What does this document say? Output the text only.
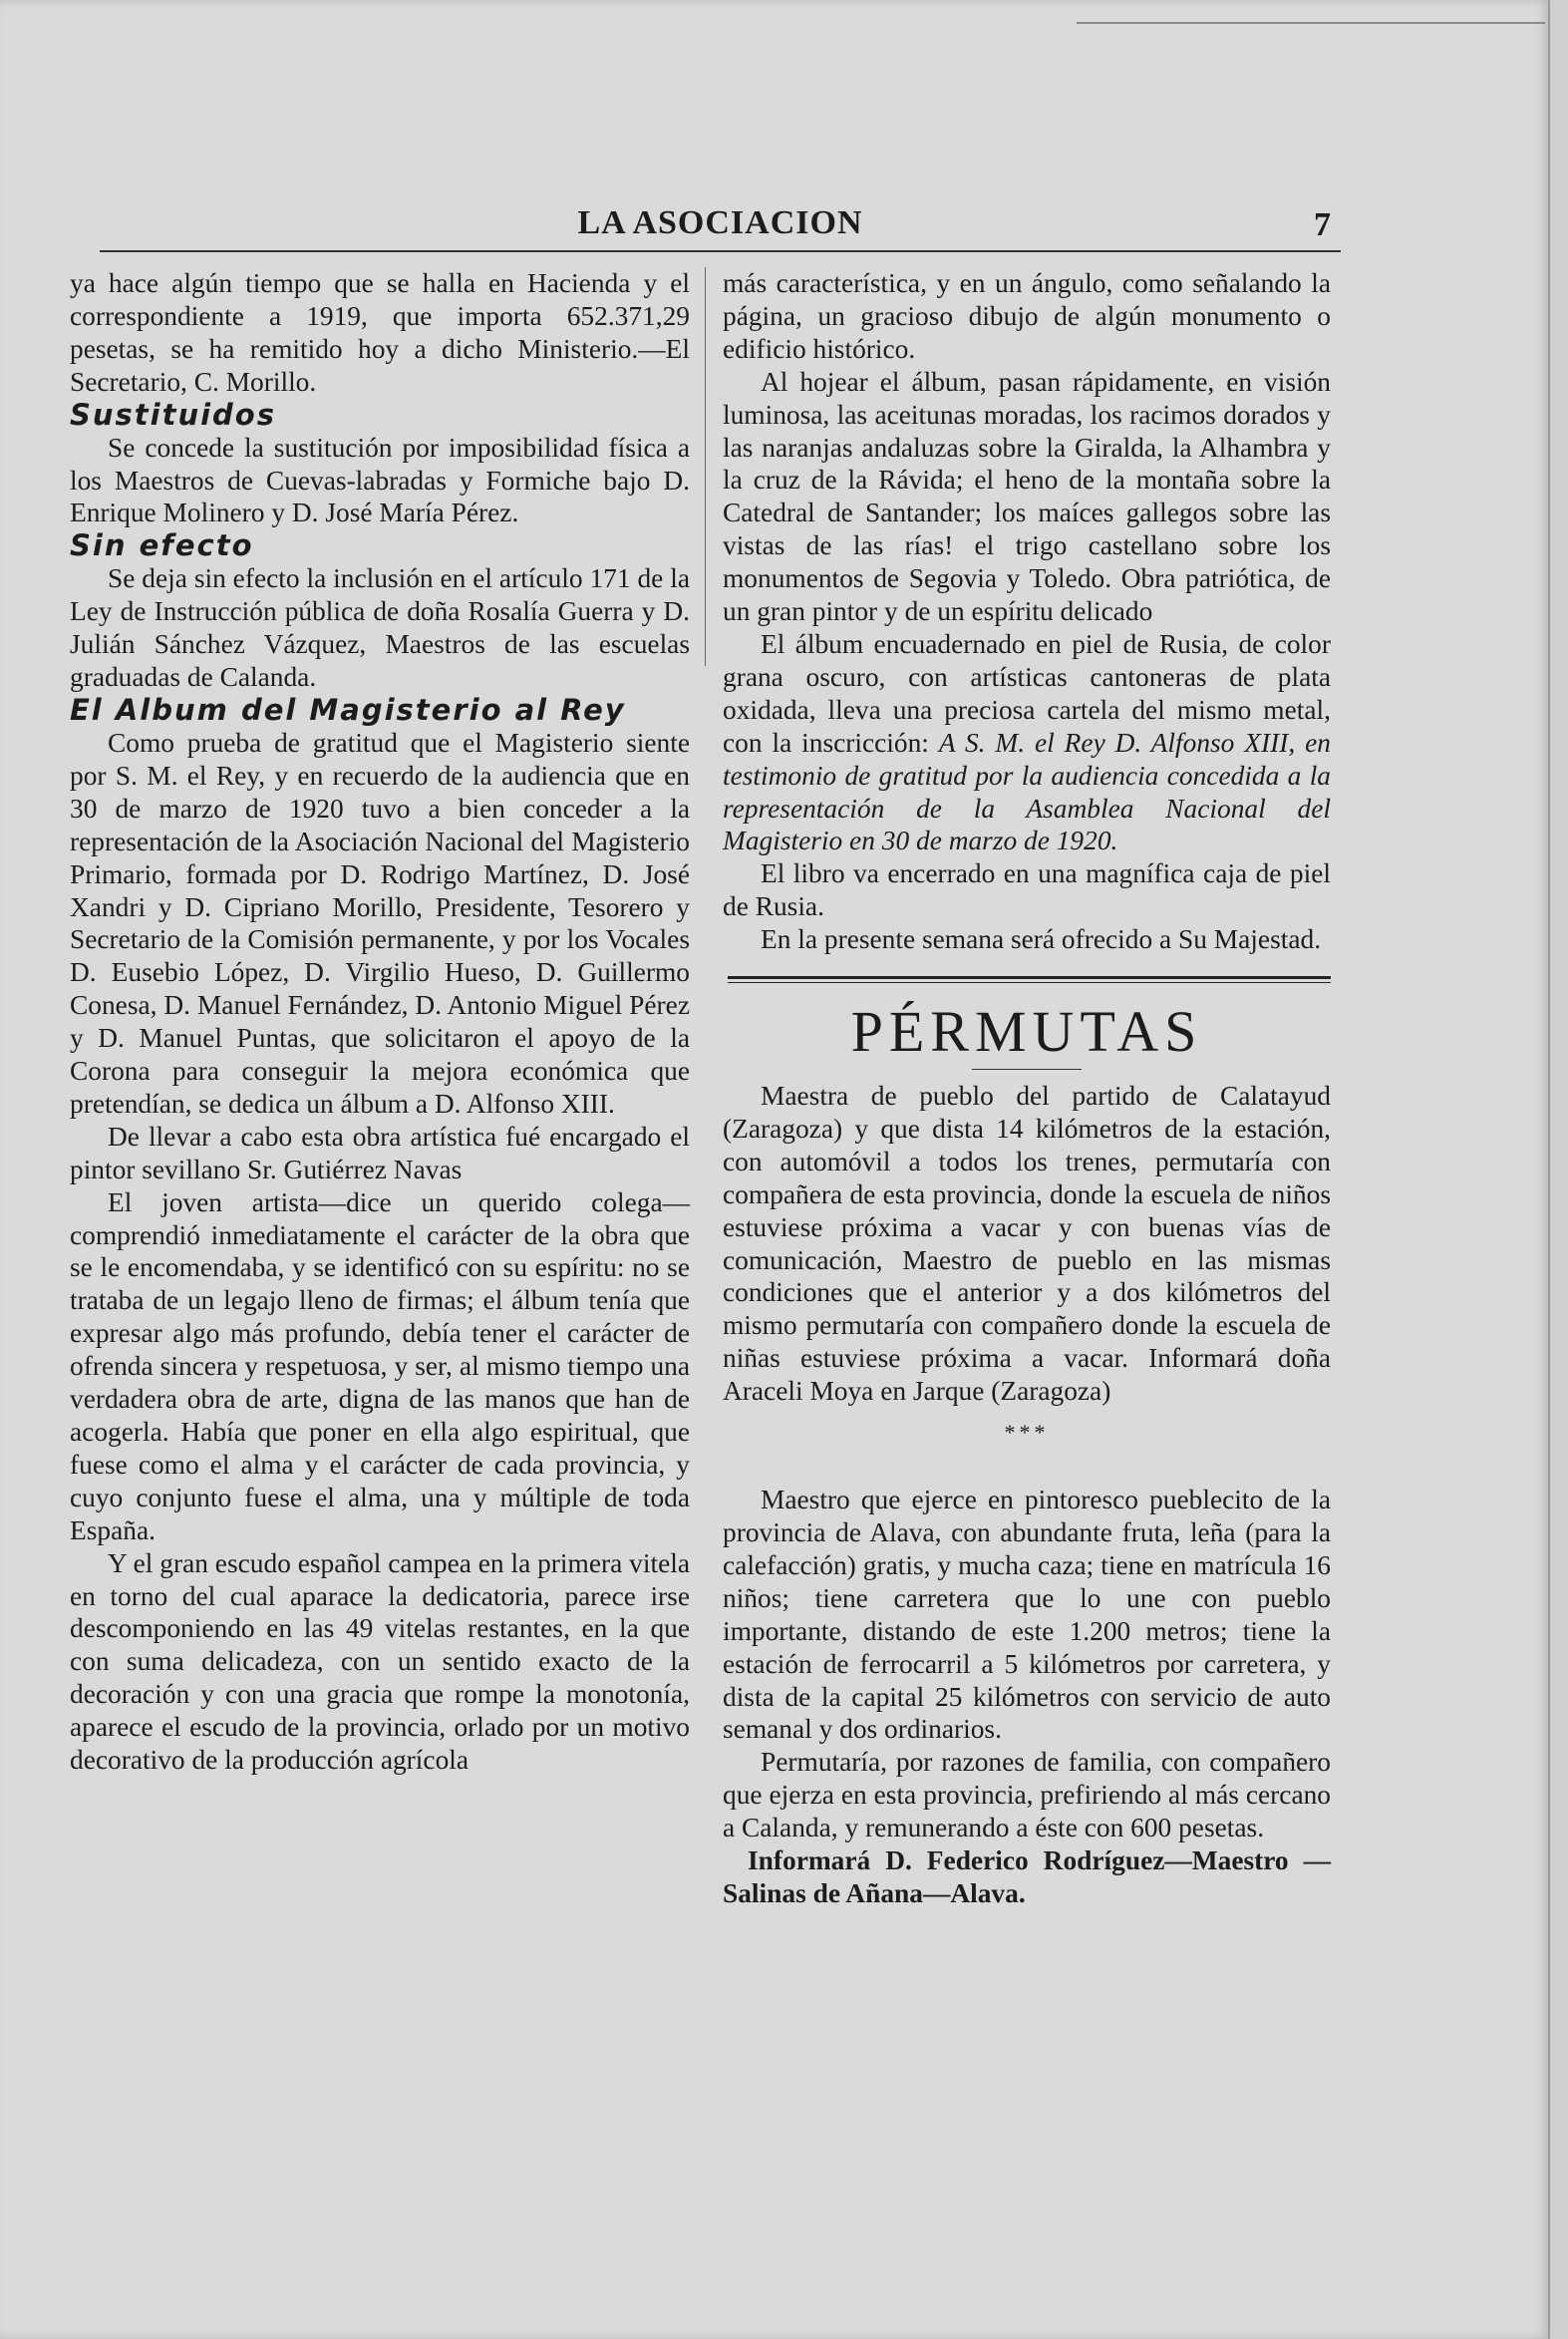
LA ASOCIACION	7

ya hace algún tiempo que se halla en Hacienda y el correspondiente a 1919, que importa 652.371,29 pesetas, se ha remitido hoy a dicho Ministerio.—El Secretario, C. Morillo.

Sustituidos

Se concede la sustitución por imposibilidad física a los Maestros de Cuevas-labradas y Formiche bajo D. Enrique Molinero y D. José María Pérez.

Sin efecto

Se deja sin efecto la inclusión en el artículo 171 de la Ley de Instrucción pública de doña Rosalía Guerra y D. Julián Sánchez Vázquez, Maestros de las escuelas graduadas de Calanda.

El Album del Magisterio al Rey

Como prueba de gratitud que el Magisterio siente por S. M. el Rey, y en recuerdo de la audiencia que en 30 de marzo de 1920 tuvo a bien conceder a la representación de la Asociación Nacional del Magisterio Primario, formada por D. Rodrigo Martínez, D. José Xandri y D. Cipriano Morillo, Presidente, Tesorero y Secretario de la Comisión permanente, y por los Vocales D. Eusebio López, D. Virgilio Hueso, D. Guillermo Conesa, D. Manuel Fernández, D. Antonio Miguel Pérez y D. Manuel Puntas, que solicitaron el apoyo de la Corona para conseguir la mejora económica que pretendían, se dedica un álbum a D. Alfonso XIII.

De llevar a cabo esta obra artística fué encargado el pintor sevillano Sr. Gutiérrez Navas

El joven artista—dice un querido colega—comprendió inmediatamente el carácter de la obra que se le encomendaba, y se identificó con su espíritu: no se trataba de un legajo lleno de firmas; el álbum tenía que expresar algo más profundo, debía tener el carácter de ofrenda sincera y respetuosa, y ser, al mismo tiempo una verdadera obra de arte, digna de las manos que han de acogerla. Había que poner en ella algo espiritual, que fuese como el alma y el carácter de cada provincia, y cuyo conjunto fuese el alma, una y múltiple de toda España.

Y el gran escudo español campea en la primera vitela en torno del cual aparace la dedicatoria, parece irse descomponiendo en las 49 vitelas restantes, en la que con suma delicadeza, con un sentido exacto de la decoración y con una gracia que rompe la monotonía, aparece el escudo de la provincia, orlado por un motivo decorativo de la producción agrícola

más característica, y en un ángulo, como señalando la página, un gracioso dibujo de algún monumento o edificio histórico.

Al hojear el álbum, pasan rápidamente, en visión luminosa, las aceitunas moradas, los racimos dorados y las naranjas andaluzas sobre la Giralda, la Alhambra y la cruz de la Rávida; el heno de la montaña sobre la Catedral de Santander; los maíces gallegos sobre las vistas de las rías! el trigo castellano sobre los monumentos de Segovia y Toledo. Obra patriótica, de un gran pintor y de un espíritu delicado

El álbum encuadernado en piel de Rusia, de color grana oscuro, con artísticas cantoneras de plata oxidada, lleva una preciosa cartela del mismo metal, con la inscricción: A S. M. el Rey D. Alfonso XIII, en testimonio de gratitud por la audiencia concedida a la representación de la Asamblea Nacional del Magisterio en 30 de marzo de 1920.

El libro va encerrado en una magnífica caja de piel de Rusia.

En la presente semana será ofrecido a Su Majestad.

PÉRMUTAS

Maestra de pueblo del partido de Calatayud (Zaragoza) y que dista 14 kilómetros de la estación, con automóvil a todos los trenes, permutaría con compañera de esta provincia, donde la escuela de niños estuviese próxima a vacar y con buenas vías de comunicación, Maestro de pueblo en las mismas condiciones que el anterior y a dos kilómetros del mismo permutaría con compañero donde la escuela de niñas estuviese próxima a vacar. Informará doña Araceli Moya en Jarque (Zaragoza)

***

Maestro que ejerce en pintoresco pueblecito de la provincia de Alava, con abundante fruta, leña (para la calefacción) gratis, y mucha caza; tiene en matrícula 16 niños; tiene carretera que lo une con pueblo importante, distando de este 1.200 metros; tiene la estación de ferrocarril a 5 kilómetros por carretera, y dista de la capital 25 kilómetros con servicio de auto semanal y dos ordinarios.

Permutaría, por razones de familia, con compañero que ejerza en esta provincia, prefiriendo al más cercano a Calanda, y remunerando a éste con 600 pesetas.

Informará D. Federico Rodríguez—Maestro —Salinas de Añana—Alava.
